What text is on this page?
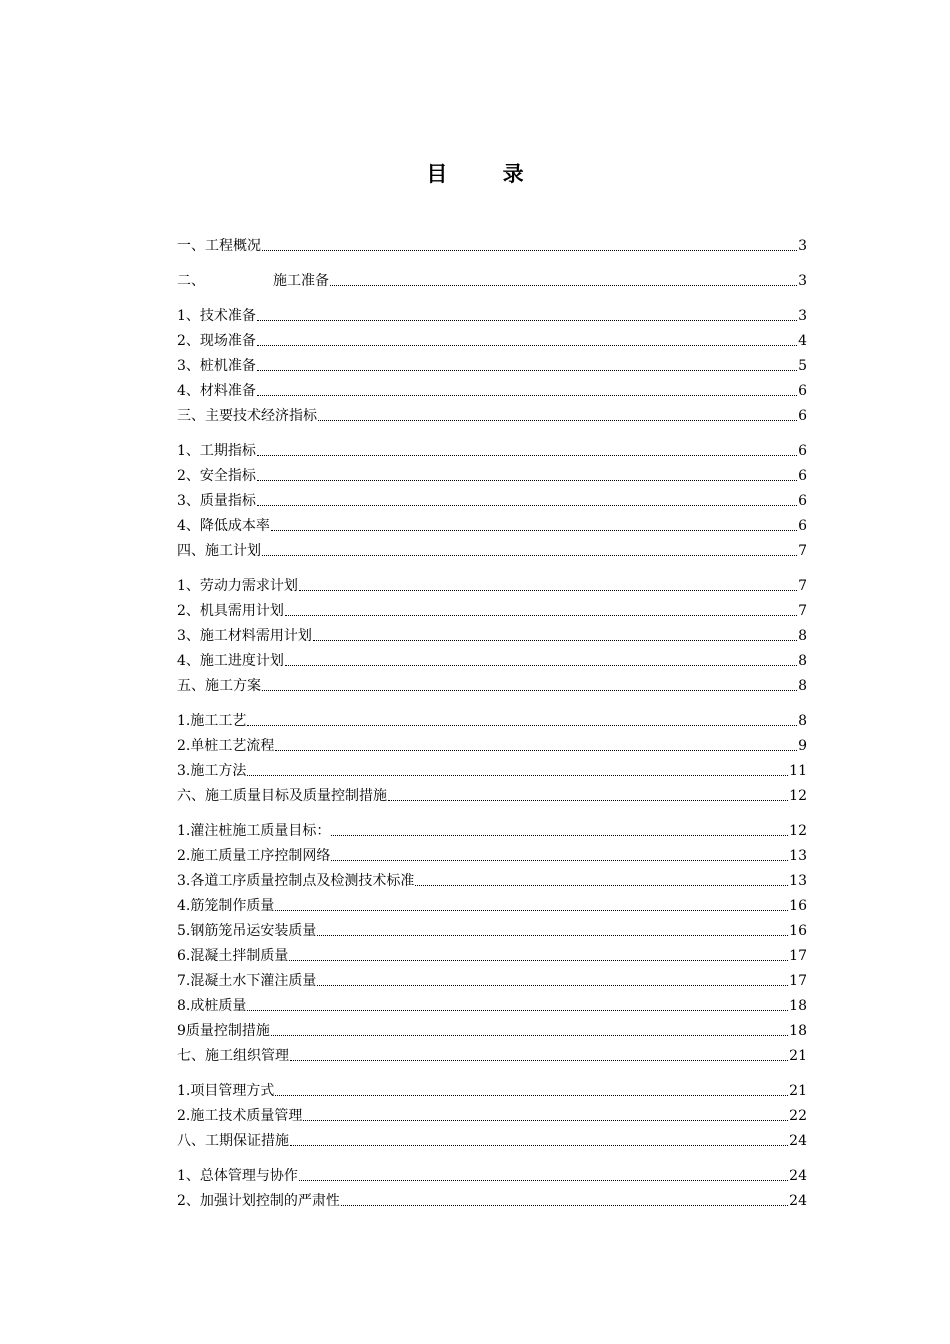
目 录
一、工程概况	3
二、	施工准备	3
1、技术准备	3
2、现场准备	4
3、桩机准备	5
4、材料准备	6
三、主要技术经济指标	6
1、工期指标	6
2、安全指标	6
3、质量指标	6
4、降低成本率	6
四、施工计划	7
1、劳动力需求计划	7
2、机具需用计划	7
3、施工材料需用计划	8
4、施工进度计划	8
五、施工方案	8
1.施工工艺	8
2.单桩工艺流程	9
3.施工方法	11
六、施工质量目标及质量控制措施	12
1.灌注桩施工质量目标：	12
2.施工质量工序控制网络	13
3.各道工序质量控制点及检测技术标准	13
4.筋笼制作质量	16
5.钢筋笼吊运安装质量	16
6.混凝土拌制质量	17
7.混凝土水下灌注质量	17
8.成桩质量	18
9质量控制措施	18
七、施工组织管理	21
1.项目管理方式	21
2.施工技术质量管理	22
八、工期保证措施	24
1、总体管理与协作	24
2、加强计划控制的严肃性	24
